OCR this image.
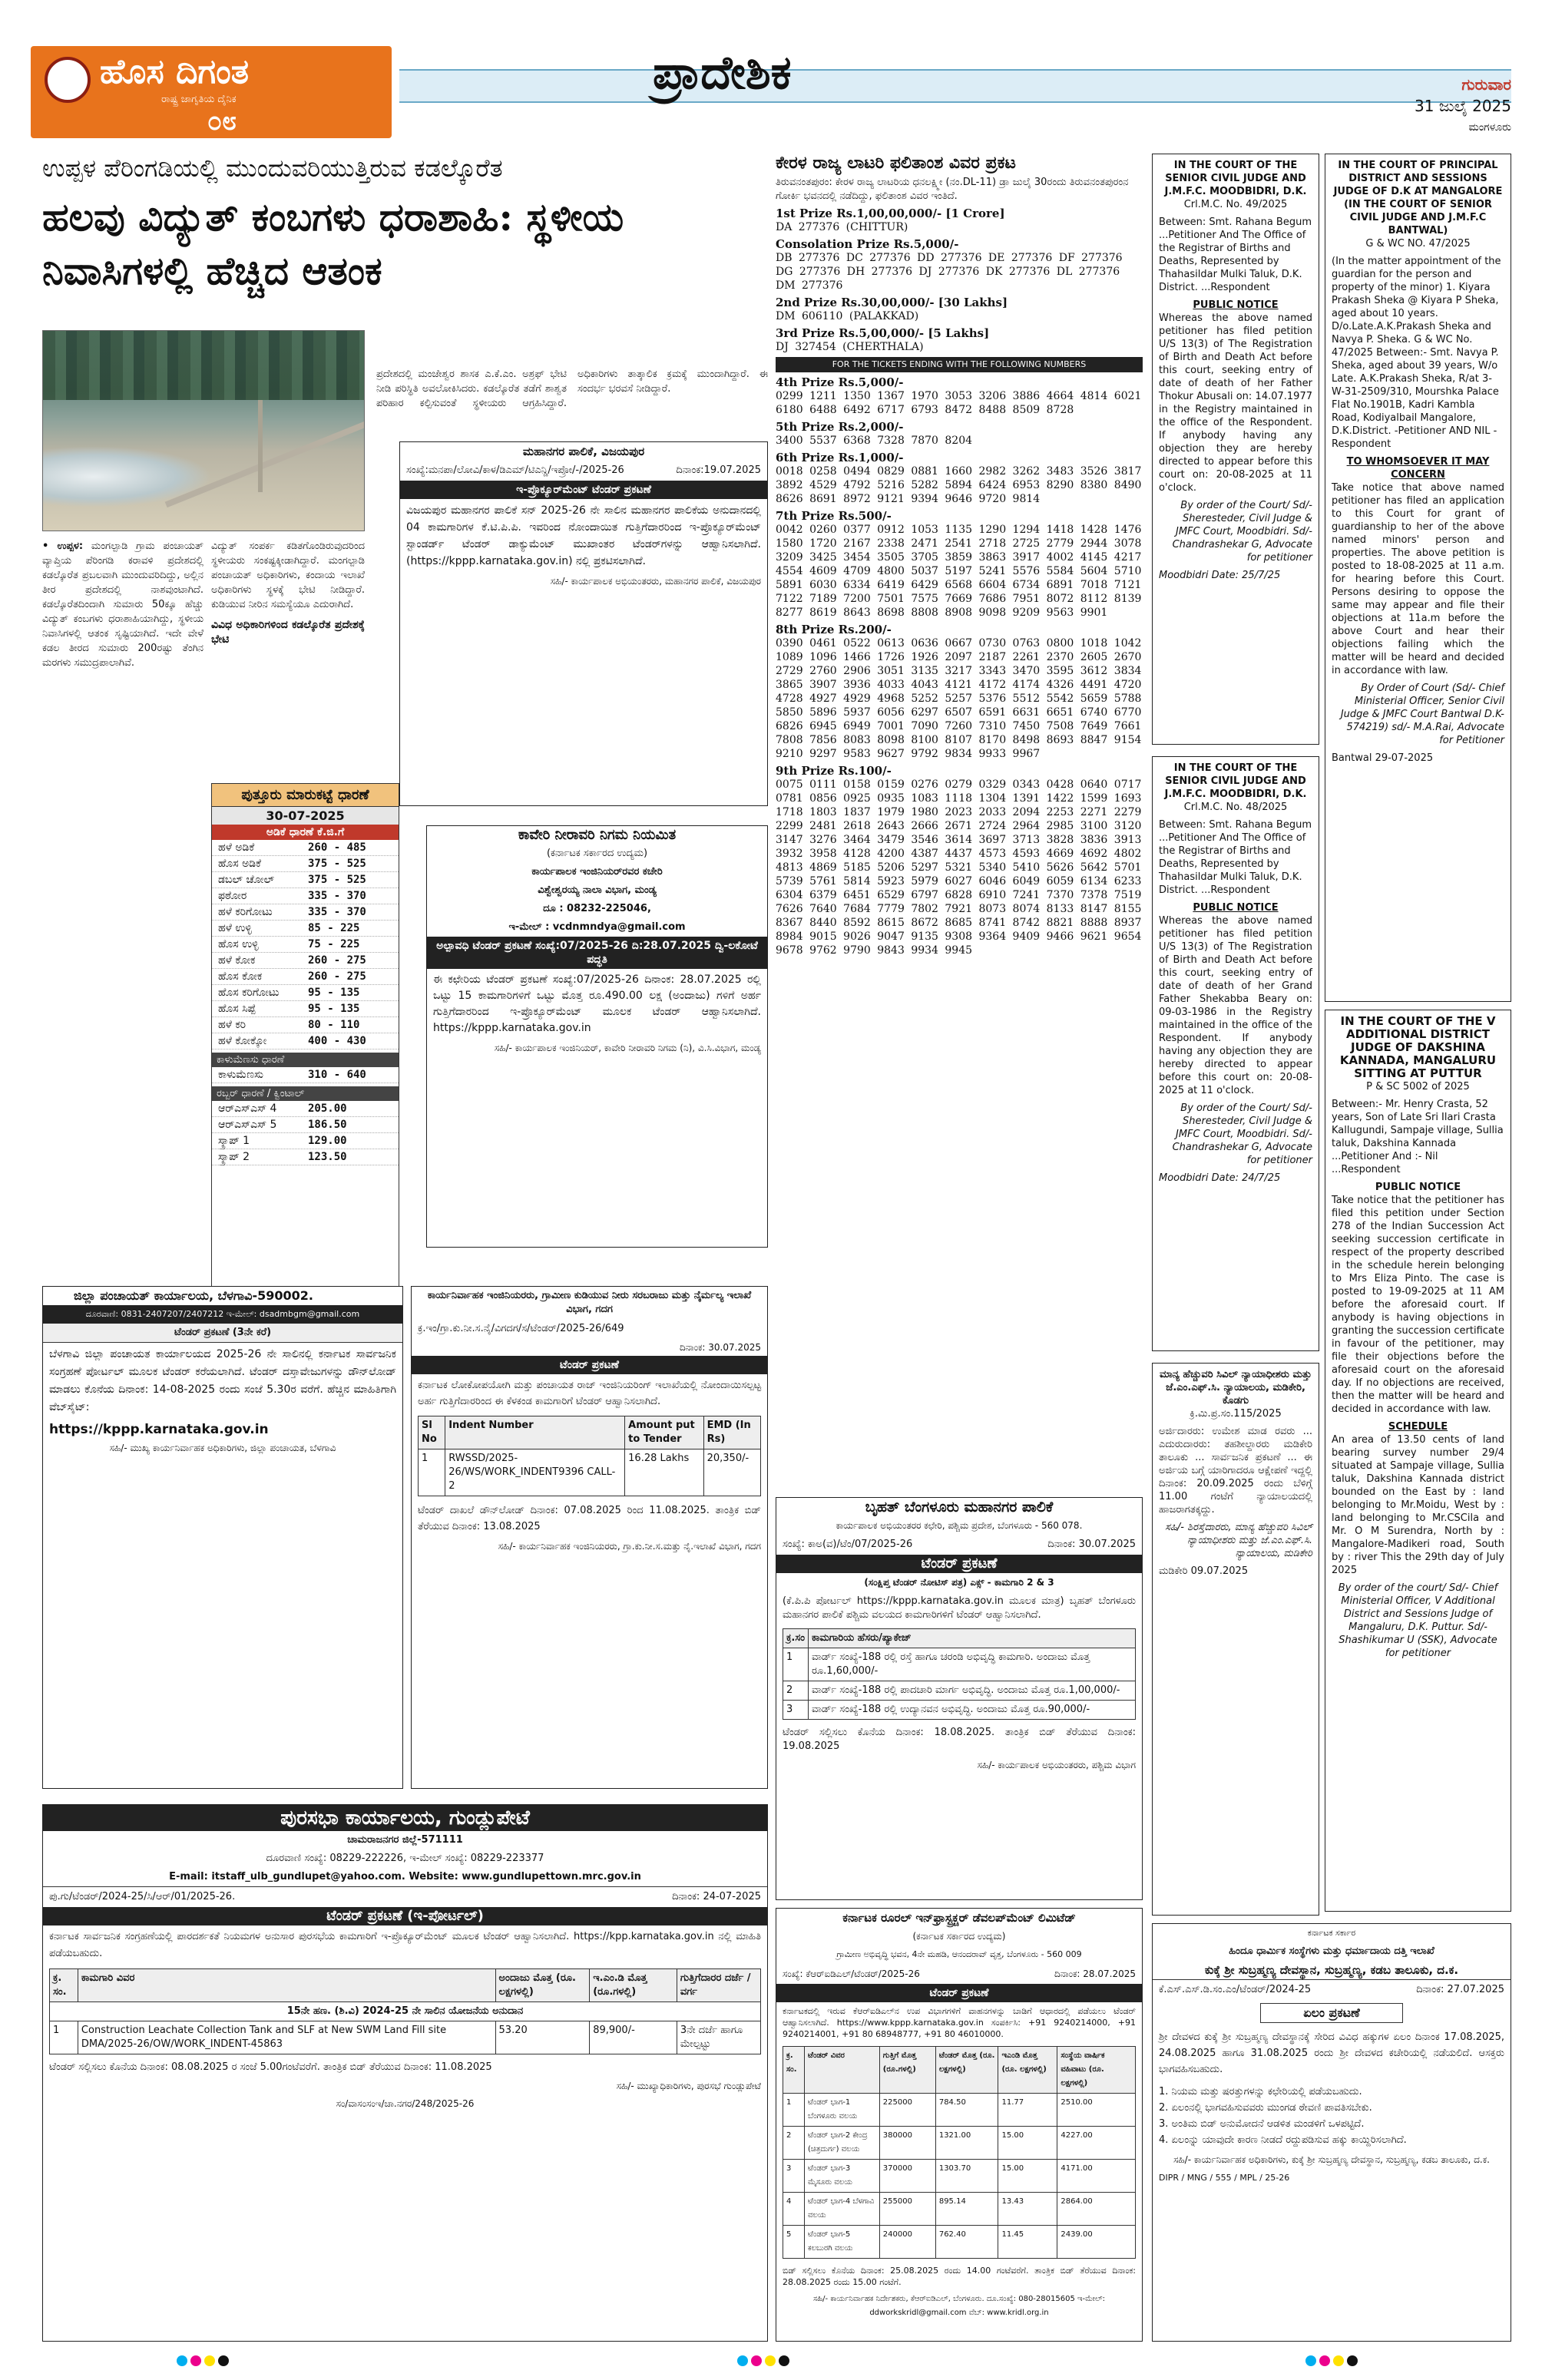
ಹೊಸ ದಿಗಂತ
ರಾಷ್ಟ್ರ ಜಾಗೃತಿಯ ದೈನಿಕ
೦೮
ಪ್ರಾದೇಶಿಕ	ಗುರುವಾರ
31 ಜುಲೈ 2025
ಮಂಗಳೂರು
ಉಪ್ಪಳ ಪೆರಿಂಗಡಿಯಲ್ಲಿ ಮುಂದುವರಿಯುತ್ತಿರುವ ಕಡಲ್ಕೊರೆತ
ಹಲವು ವಿದ್ಯುತ್ ಕಂಬಗಳು ಧರಾಶಾಹಿ: ಸ್ಥಳೀಯ ನಿವಾಸಿಗಳಲ್ಲಿ ಹೆಚ್ಚಿದ ಆತಂಕ
ಪ್ರದೇಶದಲ್ಲಿ ಮಂಜೇಶ್ವರ ಶಾಸಕ ಎ.ಕೆ.ಎಂ. ಅಶ್ರಫ್ ಭೇಟಿ ನೀಡಿ ಪರಿಸ್ಥಿತಿ ಅವಲೋಕಿಸಿದರು. ಕಡಲ್ಕೊರೆತ ತಡೆಗೆ ಶಾಶ್ವತ ಪರಿಹಾರ ಕಲ್ಪಿಸುವಂತೆ ಸ್ಥಳೀಯರು ಆಗ್ರಹಿಸಿದ್ದಾರೆ. ಅಧಿಕಾರಿಗಳು ತಾತ್ಕಾಲಿಕ ಕ್ರಮಕ್ಕೆ ಮುಂದಾಗಿದ್ದಾರೆ. ಈ ಸಂದರ್ಭ ಭರವಸೆ ನೀಡಿದ್ದಾರೆ.
• ಉಪ್ಪಳ: ಮಂಗಲ್ಪಾಡಿ ಗ್ರಾಮ ಪಂಚಾಯತ್ ವ್ಯಾಪ್ತಿಯ ಪೆರಿಂಗಡಿ ಕರಾವಳಿ ಪ್ರದೇಶದಲ್ಲಿ ಕಡಲ್ಕೊರೆತ ಪ್ರಬಲವಾಗಿ ಮುಂದುವರಿದಿದ್ದು, ಅಲ್ಲಿನ ತೀರ ಪ್ರದೇಶದಲ್ಲಿ ನಾಶವುಂಟಾಗಿದೆ. ಕಡಲ್ಕೊರೆತದಿಂದಾಗಿ ಸುಮಾರು 50ಕ್ಕೂ ಹೆಚ್ಚು ವಿದ್ಯುತ್ ಕಂಬಗಳು ಧರಾಶಾಹಿಯಾಗಿದ್ದು, ಸ್ಥಳೀಯ ನಿವಾಸಿಗಳಲ್ಲಿ ಆತಂಕ ಸೃಷ್ಟಿಯಾಗಿದೆ. ಇದೇ ವೇಳೆ ಕಡಲ ತೀರದ ಸುಮಾರು 200ರಷ್ಟು ತೆಂಗಿನ ಮರಗಳು ಸಮುದ್ರಪಾಲಾಗಿವೆ.
ವಿದ್ಯುತ್ ಸಂಪರ್ಕ ಕಡಿತಗೊಂಡಿರುವುದರಿಂದ ಸ್ಥಳೀಯರು ಸಂಕಷ್ಟಕ್ಕೀಡಾಗಿದ್ದಾರೆ. ಮಂಗಲ್ಪಾಡಿ ಪಂಚಾಯತ್ ಅಧಿಕಾರಿಗಳು, ಕಂದಾಯ ಇಲಾಖೆ ಅಧಿಕಾರಿಗಳು ಸ್ಥಳಕ್ಕೆ ಭೇಟಿ ನೀಡಿದ್ದಾರೆ. ಕುಡಿಯುವ ನೀರಿನ ಸಮಸ್ಯೆಯೂ ಎದುರಾಗಿದೆ.
ವಿವಿಧ ಅಧಿಕಾರಿಗಳಿಂದ ಕಡಲ್ಕೊರೆತ ಪ್ರದೇಶಕ್ಕೆ ಭೇಟಿ
ಪುತ್ತೂರು ಮಾರುಕಟ್ಟೆ ಧಾರಣೆ
30-07-2025
ಅಡಿಕೆ ಧಾರಣೆ ಕೆ.ಜಿ.ಗೆ
ಹಳೆ ಅಡಿಕೆ	260 - 485
ಹೊಸ ಅಡಿಕೆ	375 - 525
ಡಬಲ್ ಚೋಲ್	375 - 525
ಫಠೋರ	335 - 370
ಹಳೆ ಕರಿಗೋಟು	335 - 370
ಹಳೆ ಉಳ್ಳಿ	85 - 225
ಹೊಸ ಉಳ್ಳಿ	75 - 225
ಹಳೆ ಕೋಕ	260 - 275
ಹೊಸ ಕೋಕ	260 - 275
ಹೊಸ ಕರಿಗೋಟು	95 - 135
ಹೊಸ ಸಿಪ್ಪೆ	95 - 135
ಹಳೆ ಕರಿ	80 - 110
ಹಳೆ ಕೋಕ್ಕೋ	400 - 430
ಕಾಳುಮೆಣಸು ಧಾರಣೆ
ಕಾಳುಮೆಣಸು	310 - 640
ರಬ್ಬರ್ ಧಾರಣೆ / ಕ್ವಿಂಟಾಲ್
ಆರ್‌ಎಸ್‌ಎಸ್ 4	205.00
ಆರ್‌ಎಸ್‌ಎಸ್ 5	186.50
ಸ್ಕ್ರಾಪ್ 1	129.00
ಸ್ಕ್ರಾಪ್ 2	123.50
ಮಹಾನಗರ ಪಾಲಿಕೆ, ವಿಜಯಪುರ
ಸಂಖ್ಯೆ:ಮನಪಾ/ಲೋವಿ/ಕಾಳ/ಡಿಎಮ್/ಟಿಎನ್ಡಿ/ಇಪ್ರೋ/-/2025-26	ದಿನಾಂಕ:19.07.2025
ಇ-ಪ್ರೊಕ್ಯೂರ್‌ಮೆಂಟ್ ಟೆಂಡರ್ ಪ್ರಕಟಣೆ
ವಿಜಯಪುರ ಮಹಾನಗರ ಪಾಲಿಕೆ ಸನ್ 2025-26 ನೇ ಸಾಲಿನ ಮಹಾನಗರ ಪಾಲಿಕೆಯ ಅನುದಾನದಲ್ಲಿ 04 ಕಾಮಗಾರಿಗಳ ಕೆ.ಟಿ.ಪಿ.ಪಿ. ಇವರಿಂದ ನೋಂದಾಯಿತ ಗುತ್ತಿಗೆದಾರರಿಂದ ಇ-ಪ್ರೊಕ್ಯೂರ್‌ಮೆಂಟ್ ಸ್ಟಾಂಡರ್ಡ್ ಟೆಂಡರ್ ಡಾಕ್ಯುಮೆಂಟ್ ಮುಖಾಂತರ ಟೆಂಡರ್‌ಗಳನ್ನು ಆಹ್ವಾನಿಸಲಾಗಿದೆ. (https://kppp.karnataka.gov.in) ನಲ್ಲಿ ಪ್ರಕಟಿಸಲಾಗಿದೆ.
ಸಹಿ/- ಕಾರ್ಯಪಾಲಕ ಅಭಿಯಂತರರು, ಮಹಾನಗರ ಪಾಲಿಕೆ, ವಿಜಯಪುರ
ಕಾವೇರಿ ನೀರಾವರಿ ನಿಗಮ ನಿಯಮಿತ
(ಕರ್ನಾಟಕ ಸರ್ಕಾರದ ಉದ್ಯಮ)
ಕಾರ್ಯಪಾಲಕ ಇಂಜಿನಿಯರ್‌ರವರ ಕಚೇರಿ
ವಿಶ್ವೇಶ್ವರಯ್ಯ ನಾಲಾ ವಿಭಾಗ, ಮಂಡ್ಯ
ದೂ : 08232-225046,
ಇ-ಮೇಲ್ : vcdnmndya@gmail.com
ಅಲ್ಪಾವಧಿ ಟೆಂಡರ್ ಪ್ರಕಟಣೆ ಸಂಖ್ಯೆ:07/2025-26 ದಿ:28.07.2025 ದ್ವಿ-ಲಕೋಟೆ ಪದ್ಧತಿ
ಈ ಕಛೇರಿಯ ಟೆಂಡರ್ ಪ್ರಕಟಣೆ ಸಂಖ್ಯೆ:07/2025-26 ದಿನಾಂಕ: 28.07.2025 ರಲ್ಲಿ ಒಟ್ಟು 15 ಕಾಮಗಾರಿಗಳಿಗೆ ಒಟ್ಟು ಮೊತ್ತ ರೂ.490.00 ಲಕ್ಷ (ಅಂದಾಜು) ಗಳಿಗೆ ಅರ್ಹ ಗುತ್ತಿಗೆದಾರರಿಂದ ಇ-ಪ್ರೊಕ್ಯೂರ್‌ಮೆಂಟ್ ಮೂಲಕ ಟೆಂಡರ್ ಆಹ್ವಾನಿಸಲಾಗಿದೆ. https://kppp.karnataka.gov.in
ಸಹಿ/- ಕಾರ್ಯಪಾಲಕ ಇಂಜಿನಿಯರ್, ಕಾವೇರಿ ನೀರಾವರಿ ನಿಗಮ (ನಿ), ವಿ.ಸಿ.ವಿಭಾಗ, ಮಂಡ್ಯ
ಜಿಲ್ಲಾ ಪಂಚಾಯತ್ ಕಾರ್ಯಾಲಯ, ಬೆಳಗಾವಿ-590002.
ದೂರವಾಣಿ: 0831-2407207/2407212 ಇ-ಮೇಲ್: dsadmbgm@gmail.com
ಟೆಂಡರ್ ಪ್ರಕಟಣೆ (3ನೇ ಕರೆ)
ಬೆಳಗಾವಿ ಜಿಲ್ಲಾ ಪಂಚಾಯತ ಕಾರ್ಯಾಲಯದ 2025-26 ನೇ ಸಾಲಿನಲ್ಲಿ ಕರ್ನಾಟಕ ಸಾರ್ವಜನಿಕ ಸಂಗ್ರಹಣೆ ಪೋರ್ಟಲ್ ಮೂಲಕ ಟೆಂಡರ್ ಕರೆಯಲಾಗಿದೆ. ಟೆಂಡರ್ ದಸ್ತಾವೇಜುಗಳನ್ನು ಡೌನ್‌ಲೋಡ್ ಮಾಡಲು ಕೊನೆಯ ದಿನಾಂಕ: 14-08-2025 ರಂದು ಸಂಜೆ 5.30ರ ವರೆಗೆ. ಹೆಚ್ಚಿನ ಮಾಹಿತಿಗಾಗಿ ವೆಬ್‌ಸೈಟ್:
https://kppp.karnataka.gov.in
ಸಹಿ/- ಮುಖ್ಯ ಕಾರ್ಯನಿರ್ವಾಹಕ ಅಧಿಕಾರಿಗಳು, ಜಿಲ್ಲಾ ಪಂಚಾಯತ, ಬೆಳಗಾವಿ
ಕಾರ್ಯನಿರ್ವಾಹಕ ಇಂಜಿನಿಯರರು, ಗ್ರಾಮೀಣ ಕುಡಿಯುವ ನೀರು ಸರಬರಾಜು ಮತ್ತು ನೈರ್ಮಲ್ಯ ಇಲಾಖೆ ವಿಭಾಗ, ಗದಗ
ಕ್ರ.ಇಂ/ಗ್ರಾ.ಕು.ನೀ.ಸ.ನೈ/ವಿಗದಗ/ಸ/ಟೆಂಡರ್/2025-26/649
ದಿನಾಂಕ: 30.07.2025
ಟೆಂಡರ್ ಪ್ರಕಟಣೆ
ಕರ್ನಾಟಕ ಲೋಕೋಪಯೋಗಿ ಮತ್ತು ಪಂಚಾಯತ ರಾಜ್ ಇಂಜಿನಿಯರಿಂಗ್ ಇಲಾಖೆಯಲ್ಲಿ ನೋಂದಾಯಿಸಲ್ಪಟ್ಟ ಅರ್ಹ ಗುತ್ತಿಗೆದಾರರಿಂದ ಈ ಕೆಳಕಂಡ ಕಾಮಗಾರಿಗೆ ಟೆಂಡರ್ ಆಹ್ವಾನಿಸಲಾಗಿದೆ.
Sl No	Indent Number	Amount put to Tender	EMD (In Rs)
1	RWSSD/2025-26/WS/WORK_INDENT9396 CALL-2	16.28 Lakhs	20,350/-
ಟೆಂಡರ್ ದಾಖಲೆ ಡೌನ್‌ಲೋಡ್ ದಿನಾಂಕ: 07.08.2025 ರಿಂದ 11.08.2025. ತಾಂತ್ರಿಕ ಬಿಡ್ ತೆರೆಯುವ ದಿನಾಂಕ: 13.08.2025
ಸಹಿ/- ಕಾರ್ಯನಿರ್ವಾಹಕ ಇಂಜಿನಿಯರರು, ಗ್ರಾ.ಕು.ನೀ.ಸ.ಮತ್ತು ನೈ.ಇಲಾಖೆ ವಿಭಾಗ, ಗದಗ
ಪುರಸಭಾ ಕಾರ್ಯಾಲಯ, ಗುಂಡ್ಲುಪೇಟೆ
ಚಾಮರಾಜನಗರ ಜಿಲ್ಲೆ-571111
ದೂರವಾಣಿ ಸಂಖ್ಯೆ: 08229-222226, ಇ-ಮೇಲ್ ಸಂಖ್ಯೆ: 08229-223377
E-mail: itstaff_ulb_gundlupet@yahoo.com. Website: www.gundlupettown.mrc.gov.in
ಪು.ಗು/ಟೆಂಡರ್/2024-25/ಸಿ/ಆರ್/01/2025-26.	ದಿನಾಂಕ: 24-07-2025
ಟೆಂಡರ್ ಪ್ರಕಟಣೆ (ಇ-ಪೋರ್ಟಲ್)
ಕರ್ನಾಟಕ ಸಾರ್ವಜನಿಕ ಸಂಗ್ರಹಣೆಯಲ್ಲಿ ಪಾರದರ್ಶಕತೆ ನಿಯಮಗಳ ಅನುಸಾರ ಪುರಸಭೆಯ ಕಾಮಗಾರಿಗೆ ಇ-ಪ್ರೊಕ್ಯೂರ್‌ಮೆಂಟ್ ಮೂಲಕ ಟೆಂಡರ್ ಆಹ್ವಾನಿಸಲಾಗಿದೆ. https://kpp.karnataka.gov.in ನಲ್ಲಿ ಮಾಹಿತಿ ಪಡೆಯಬಹುದು.
ಕ್ರ. ಸಂ.	ಕಾಮಗಾರಿ ವಿವರ	ಅಂದಾಜು ಮೊತ್ತ (ರೂ. ಲಕ್ಷಗಳಲ್ಲಿ)	ಇ.ಎಂ.ಡಿ ಮೊತ್ತ (ರೂ.ಗಳಲ್ಲಿ)	ಗುತ್ತಿಗೆದಾರರ ದರ್ಜೆ / ವರ್ಗ
15ನೇ ಹಣ. (ಶಿ.ವಿ) 2024-25 ನೇ ಸಾಲಿನ ಯೋಜನೆಯ ಅನುದಾನ				
1	Construction Leachate Collection Tank and SLF at New SWM Land Fill site DMA/2025-26/OW/WORK_INDENT-45863	53.20	89,900/-	3ನೇ ದರ್ಜೆ ಹಾಗೂ ಮೇಲ್ಪಟ್ಟು
ಟೆಂಡರ್ ಸಲ್ಲಿಸಲು ಕೊನೆಯ ದಿನಾಂಕ: 08.08.2025 ರ ಸಂಜೆ 5.00ಗಂಟೆವರೆಗೆ. ತಾಂತ್ರಿಕ ಬಿಡ್ ತೆರೆಯುವ ದಿನಾಂಕ: 11.08.2025
ಸಹಿ/- ಮುಖ್ಯಾಧಿಕಾರಿಗಳು, ಪುರಸಭೆ ಗುಂಡ್ಲುಪೇಟೆ
ಸಂ/ವಾಸಂಸಂಇ/ಚಾ.ನಗರ/248/2025-26
ಕೇರಳ ರಾಜ್ಯ ಲಾಟರಿ ಫಲಿತಾಂಶ ವಿವರ ಪ್ರಕಟ
ತಿರುವನಂತಪುರಂ: ಕೇರಳ ರಾಜ್ಯ ಲಾಟರಿಯ ಧನಲಕ್ಷ್ಮೀ (ನಂ.DL-11) ಡ್ರಾ ಜುಲೈ 30ರಂದು ತಿರುವನಂತಪುರಂನ ಗೋರ್ಕಿ ಭವನದಲ್ಲಿ ನಡೆದಿದ್ದು, ಫಲಿತಾಂಶ ವಿವರ ಇಂತಿದೆ.
1st Prize Rs.1,00,00,000/- [1 Crore]
DA 277376 (CHITTUR)
Consolation Prize Rs.5,000/-
DB 277376 DC 277376 DD 277376 DE 277376 DF 277376 DG 277376 DH 277376 DJ 277376 DK 277376 DL 277376 DM 277376
2nd Prize Rs.30,00,000/- [30 Lakhs]
DM 606110 (PALAKKAD)
3rd Prize Rs.5,00,000/- [5 Lakhs]
DJ 327454 (CHERTHALA)
FOR THE TICKETS ENDING WITH THE FOLLOWING NUMBERS
4th Prize Rs.5,000/-
0299 1211 1350 1367 1970 3053 3206 3886 4664 4814 6021 6180 6488 6492 6717 6793 8472 8488 8509 8728
5th Prize Rs.2,000/-
3400 5537 6368 7328 7870 8204
6th Prize Rs.1,000/-
0018 0258 0494 0829 0881 1660 2982 3262 3483 3526 3817 3892 4529 4792 5216 5282 5894 6424 6953 8290 8380 8490 8626 8691 8972 9121 9394 9646 9720 9814
7th Prize Rs.500/-
0042 0260 0377 0912 1053 1135 1290 1294 1418 1428 1476 1580 1720 2167 2338 2471 2541 2718 2725 2779 2944 3078 3209 3425 3454 3505 3705 3859 3863 3917 4002 4145 4217 4554 4609 4709 4800 5037 5197 5241 5576 5584 5604 5710 5891 6030 6334 6419 6429 6568 6604 6734 6891 7018 7121 7122 7189 7200 7501 7575 7669 7686 7951 8072 8112 8139 8277 8619 8643 8698 8808 8908 9098 9209 9563 9901
8th Prize Rs.200/-
0390 0461 0522 0613 0636 0667 0730 0763 0800 1018 1042 1089 1096 1466 1726 1926 2097 2187 2261 2370 2605 2670 2729 2760 2906 3051 3135 3217 3343 3470 3595 3612 3834 3865 3907 3936 4033 4043 4121 4172 4174 4326 4491 4720 4728 4927 4929 4968 5252 5257 5376 5512 5542 5659 5788 5850 5896 5937 6056 6297 6507 6591 6631 6651 6740 6770 6826 6945 6949 7001 7090 7260 7310 7450 7508 7649 7661 7808 7856 8083 8098 8100 8107 8170 8498 8693 8847 9154 9210 9297 9583 9627 9792 9834 9933 9967
9th Prize Rs.100/-
0075 0111 0158 0159 0276 0279 0329 0343 0428 0640 0717 0781 0856 0925 0935 1083 1118 1304 1391 1422 1599 1693 1718 1803 1837 1979 1980 2023 2033 2094 2253 2271 2279 2299 2481 2618 2643 2666 2671 2724 2964 2985 3100 3120 3147 3276 3464 3479 3546 3614 3697 3713 3828 3836 3913 3932 3958 4128 4200 4387 4437 4573 4593 4669 4692 4802 4813 4869 5185 5206 5297 5321 5340 5410 5626 5642 5701 5739 5761 5814 5923 5979 6027 6046 6049 6059 6134 6233 6304 6379 6451 6529 6797 6828 6910 7241 7370 7378 7519 7626 7640 7684 7779 7802 7921 8073 8074 8133 8147 8155 8367 8440 8592 8615 8672 8685 8741 8742 8821 8888 8937 8984 9015 9026 9047 9135 9308 9364 9409 9466 9621 9654 9678 9762 9790 9843 9934 9945
ಬೃಹತ್ ಬೆಂಗಳೂರು ಮಹಾನಗರ ಪಾಲಿಕೆ
ಕಾರ್ಯಪಾಲಕ ಅಭಿಯಂತರರ ಕಛೇರಿ, ಪಶ್ಚಿಮ ಪ್ರದೇಶ, ಬೆಂಗಳೂರು - 560 078.
ಸಂಖ್ಯೆ: ಕಾಅ(ವ)/ಟೆಂ/07/2025-26	ದಿನಾಂಕ: 30.07.2025
ಟೆಂಡರ್ ಪ್ರಕಟಣೆ
(ಸಂಕ್ಷಿಪ್ತ ಟೆಂಡರ್ ನೋಟಿಸ್ ಪತ್ರ) ಎಕ್ಸ್ - ಕಾಮಗಾರಿ 2 & 3
(ಕೆ.ಪಿ.ಪಿ ಪೋರ್ಟಲ್ https://kppp.karnataka.gov.in ಮೂಲಕ ಮಾತ್ರ) ಬೃಹತ್ ಬೆಂಗಳೂರು ಮಹಾನಗರ ಪಾಲಿಕೆ ಪಶ್ಚಿಮ ವಲಯದ ಕಾಮಗಾರಿಗಳಿಗೆ ಟೆಂಡರ್ ಆಹ್ವಾನಿಸಲಾಗಿದೆ.
ಕ್ರ.ಸಂ	ಕಾಮಗಾರಿಯ ಹೆಸರು/ಪ್ಯಾಕೇಜ್
1	ವಾರ್ಡ್ ಸಂಖ್ಯೆ-188 ರಲ್ಲಿ ರಸ್ತೆ ಹಾಗೂ ಚರಂಡಿ ಅಭಿವೃದ್ಧಿ ಕಾಮಗಾರಿ. ಅಂದಾಜು ಮೊತ್ತ ರೂ.1,60,000/-
2	ವಾರ್ಡ್ ಸಂಖ್ಯೆ-188 ರಲ್ಲಿ ಪಾದಚಾರಿ ಮಾರ್ಗ ಅಭಿವೃದ್ಧಿ. ಅಂದಾಜು ಮೊತ್ತ ರೂ.1,00,000/-
3	ವಾರ್ಡ್ ಸಂಖ್ಯೆ-188 ರಲ್ಲಿ ಉದ್ಯಾನವನ ಅಭಿವೃದ್ಧಿ. ಅಂದಾಜು ಮೊತ್ತ ರೂ.90,000/-
ಟೆಂಡರ್ ಸಲ್ಲಿಸಲು ಕೊನೆಯ ದಿನಾಂಕ: 18.08.2025. ತಾಂತ್ರಿಕ ಬಿಡ್ ತೆರೆಯುವ ದಿನಾಂಕ: 19.08.2025
ಸಹಿ/- ಕಾರ್ಯಪಾಲಕ ಅಭಿಯಂತರರು, ಪಶ್ಚಿಮ ವಿಭಾಗ
ಕರ್ನಾಟಕ ರೂರಲ್ ಇನ್‌ಫ್ರಾಸ್ಟ್ರಕ್ಚರ್ ಡೆವಲಪ್‌ಮೆಂಟ್ ಲಿಮಿಟೆಡ್
(ಕರ್ನಾಟಕ ಸರ್ಕಾರದ ಉದ್ಯಮ)
ಗ್ರಾಮೀಣ ಅಭಿವೃದ್ಧಿ ಭವನ, 4ನೇ ಮಹಡಿ, ಆನಂದರಾವ್ ವೃತ್ತ, ಬೆಂಗಳೂರು - 560 009
ಸಂಖ್ಯೆ: ಕೆಆರ್‌ಐಡಿಎಲ್/ಟೆಂಡರ್/2025-26	ದಿನಾಂಕ: 28.07.2025
ಟೆಂಡರ್ ಪ್ರಕಟಣೆ
ಕರ್ನಾಟಕದಲ್ಲಿ ಇರುವ ಕೆಆರ್‌ಐಡಿಎಲ್‌ನ ಉಪ ವಿಭಾಗಗಳಿಗೆ ವಾಹನಗಳನ್ನು ಬಾಡಿಗೆ ಆಧಾರದಲ್ಲಿ ಪಡೆಯಲು ಟೆಂಡರ್ ಆಹ್ವಾನಿಸಲಾಗಿದೆ. https://www.kppp.karnataka.gov.in ಸಂಪರ್ಕಿಸಿ: +91 9240214000, +91 9240214001, +91 80 68948777, +91 80 46010000.
ಕ್ರ. ಸಂ.	ಟೆಂಡರ್ ವಿವರ	ಗುತ್ತಿಗೆ ಮೊತ್ತ (ರೂ.ಗಳಲ್ಲಿ)	ಟೆಂಡರ್ ಮೊತ್ತ (ರೂ. ಲಕ್ಷಗಳಲ್ಲಿ)	ಇಎಂಡಿ ಮೊತ್ತ (ರೂ. ಲಕ್ಷಗಳಲ್ಲಿ)	ಸಂಸ್ಥೆಯ ವಾರ್ಷಿಕ ವಹಿವಾಟು (ರೂ. ಲಕ್ಷಗಳಲ್ಲಿ)
1	ಟೆಂಡರ್ ಭಾಗ-1 ಬೆಂಗಳೂರು ವಲಯ	225000	784.50	11.77	2510.00
2	ಟೆಂಡರ್ ಭಾಗ-2 ಕೇಂದ್ರ (ಚಿತ್ರದುರ್ಗ) ವಲಯ	380000	1321.00	15.00	4227.00
3	ಟೆಂಡರ್ ಭಾಗ-3 ಮೈಸೂರು ವಲಯ	370000	1303.70	15.00	4171.00
4	ಟೆಂಡರ್ ಭಾಗ-4 ಬೆಳಗಾವಿ ವಲಯ	255000	895.14	13.43	2864.00
5	ಟೆಂಡರ್ ಭಾಗ-5 ಕಲಬುರಗಿ ವಲಯ	240000	762.40	11.45	2439.00
ಬಿಡ್ ಸಲ್ಲಿಸಲು ಕೊನೆಯ ದಿನಾಂಕ: 25.08.2025 ರಂದು 14.00 ಗಂಟೆವರೆಗೆ. ತಾಂತ್ರಿಕ ಬಿಡ್ ತೆರೆಯುವ ದಿನಾಂಕ: 28.08.2025 ರಂದು 15.00 ಗಂಟೆಗೆ.
ಸಹಿ/- ಕಾರ್ಯನಿರ್ವಾಹಕ ನಿರ್ದೇಶಕರು, ಕೆಆರ್‌ಐಡಿಎಲ್, ಬೆಂಗಳೂರು. ದೂ.ಸಂಖ್ಯೆ: 080-28015605 ಇ-ಮೇಲ್: ddworkskridl@gmail.com ವೆಬ್: www.kridl.org.in
IN THE COURT OF THE SENIOR CIVIL JUDGE AND J.M.F.C. MOODBIDRI, D.K.
Crl.M.C. No. 49/2025
Between: Smt. Rahana Begum ...Petitioner And The Office of the Registrar of Births and Deaths, Represented by Thahasildar Mulki Taluk, D.K. District. ...Respondent
PUBLIC NOTICE
Whereas the above named petitioner has filed petition U/S 13(3) of The Registration of Birth and Death Act before this court, seeking entry of date of death of her Father Thokur Abusali on: 14.07.1977 in the Registry maintained in the office of the Respondent. If anybody having any objection they are hereby directed to appear before this court on: 20-08-2025 at 11 o'clock.
By order of the Court/ Sd/- Sheresteder, Civil Judge & JMFC Court, Moodbidri. Sd/- Chandrashekar G, Advocate for petitioner
Moodbidri Date: 25/7/25
IN THE COURT OF THE SENIOR CIVIL JUDGE AND J.M.F.C. MOODBIDRI, D.K.
Crl.M.C. No. 48/2025
Between: Smt. Rahana Begum ...Petitioner And The Office of the Registrar of Births and Deaths, Represented by Thahasildar Mulki Taluk, D.K. District. ...Respondent
PUBLIC NOTICE
Whereas the above named petitioner has filed petition U/S 13(3) of The Registration of Birth and Death Act before this court, seeking entry of date of death of her Grand Father Shekabba Beary on: 09-03-1986 in the Registry maintained in the office of the Respondent. If anybody having any objection they are hereby directed to appear before this court on: 20-08-2025 at 11 o'clock.
By order of the Court/ Sd/- Sheresteder, Civil Judge & JMFC Court, Moodbidri. Sd/- Chandrashekar G, Advocate for petitioner
Moodbidri Date: 24/7/25
IN THE COURT OF PRINCIPAL DISTRICT AND SESSIONS JUDGE OF D.K AT MANGALORE (IN THE COURT OF SENIOR CIVIL JUDGE AND J.M.F.C BANTWAL)
G & WC NO. 47/2025
(In the matter appointment of the guardian for the person and property of the minor) 1. Kiyara Prakash Sheka @ Kiyara P Sheka, aged about 10 years. D/o.Late.A.K.Prakash Sheka and Navya P. Sheka. G & WC No. 47/2025 Between:- Smt. Navya P. Sheka, aged about 39 years, W/o Late. A.K.Prakash Sheka, R/at 3-W-31-2509/310, Mourshka Palace Flat No.1901B, Kadri Kambla Road, Kodiyalbail Mangalore, D.K.District. -Petitioner AND NIL -Respondent
TO WHOMSOEVER IT MAY CONCERN
Take notice that above named petitioner has filed an application to this Court for grant of guardianship to her of the above named minors' person and properties. The above petition is posted to 18-08-2025 at 11 a.m. for hearing before this Court. Persons desiring to oppose the same may appear and file their objections at 11a.m before the above Court and hear their objections failing which the matter will be heard and decided in accordance with law.
By Order of Court (Sd/- Chief Ministerial Officer, Senior Civil Judge & JMFC Court Bantwal D.K-574219) sd/- M.A.Rai, Advocate for Petitioner
Bantwal 29-07-2025
IN THE COURT OF THE V ADDITIONAL DISTRICT JUDGE OF DAKSHINA KANNADA, MANGALURU SITTING AT PUTTUR
P & SC 5002 of 2025
Between:- Mr. Henry Crasta, 52 years, Son of Late Sri Ilari Crasta Kallugundi, Sampaje village, Sullia taluk, Dakshina Kannada ...Petitioner And :- Nil ...Respondent
PUBLIC NOTICE
Take notice that the petitioner has filed this petition under Section 278 of the Indian Succession Act seeking succession certificate in respect of the property described in the schedule herein belonging to Mrs Eliza Pinto. The case is posted to 19-09-2025 at 11 AM before the aforesaid court. If anybody is having objections in granting the succession certificate in favour of the petitioner, may file their objections before the aforesaid court on the aforesaid day. If no objections are received, then the matter will be heard and decided in accordance with law.
SCHEDULE
An area of 13.50 cents of land bearing survey number 29/4 situated at Sampaje village, Sullia taluk, Dakshina Kannada district bounded on the East by : land belonging to Mr.Moidu, West by : land belonging to Mr.CSCila and Mr. O M Surendra, North by : Mangalore-Madikeri road, South by : river This the 29th day of July 2025
By order of the court/ Sd/- Chief Ministerial Officer, V Additional District and Sessions Judge of Mangaluru, D.K. Puttur. Sd/- Shashikumar U (SSK), Advocate for petitioner
ಮಾನ್ಯ ಹೆಚ್ಚುವರಿ ಸಿವಿಲ್ ನ್ಯಾಯಾಧೀಶರು ಮತ್ತು ಜೆ.ಎಂ.ಎಫ್.ಸಿ. ನ್ಯಾಯಾಲಯ, ಮಡಿಕೇರಿ, ಕೊಡಗು
ಕ್ರಿ.ಮಿ.ಪ್ರ.ಸಂ.115/2025
ಅರ್ಜಿದಾರರು: ಉಮೇಶ ಮಾಡ ರವರು ... ಎದುರುದಾರರು: ತಹಶೀಲ್ದಾರರು ಮಡಿಕೇರಿ ತಾಲೂಕು ... ಸಾರ್ವಜನಿಕ ಪ್ರಕಟಣೆ ... ಈ ಅರ್ಜಿಯ ಬಗ್ಗೆ ಯಾರಿಗಾದರೂ ಆಕ್ಷೇಪಣೆ ಇದ್ದಲ್ಲಿ ದಿನಾಂಕ: 20.09.2025 ರಂದು ಬೆಳಿಗ್ಗೆ 11.00 ಗಂಟೆಗೆ ನ್ಯಾಯಾಲಯದಲ್ಲಿ ಹಾಜರಾಗತಕ್ಕದ್ದು.
ಸಹಿ/- ಶಿರಸ್ತೆದಾರರು, ಮಾನ್ಯ ಹೆಚ್ಚುವರಿ ಸಿವಿಲ್ ನ್ಯಾಯಾಧೀಶರು ಮತ್ತು ಜೆ.ಎಂ.ಎಫ್.ಸಿ. ನ್ಯಾಯಾಲಯ, ಮಡಿಕೇರಿ
ಮಡಿಕೇರಿ 09.07.2025
ಕರ್ನಾಟಕ ಸರ್ಕಾರ
ಹಿಂದೂ ಧಾರ್ಮಿಕ ಸಂಸ್ಥೆಗಳು ಮತ್ತು ಧರ್ಮಾದಾಯ ದತ್ತಿ ಇಲಾಖೆ
ಕುಕ್ಕೆ ಶ್ರೀ ಸುಬ್ರಹ್ಮಣ್ಯ ದೇವಸ್ಥಾನ, ಸುಬ್ರಹ್ಮಣ್ಯ, ಕಡಬ ತಾಲೂಕು, ದ.ಕ.
ಕೆ.ಎಸ್.ಎಸ್.ಡಿ.ಸಂ.ಎಂ/ಟೆಂಡರ್/2024-25	ದಿನಾಂಕ: 27.07.2025
ಏಲಂ ಪ್ರಕಟಣೆ
ಶ್ರೀ ದೇವಳದ ಕುಕ್ಕೆ ಶ್ರೀ ಸುಬ್ರಹ್ಮಣ್ಯ ದೇವಸ್ಥಾನಕ್ಕೆ ಸೇರಿದ ವಿವಿಧ ಹಕ್ಕುಗಳ ಏಲಂ ದಿನಾಂಕ 17.08.2025, 24.08.2025 ಹಾಗೂ 31.08.2025 ರಂದು ಶ್ರೀ ದೇವಳದ ಕಚೇರಿಯಲ್ಲಿ ನಡೆಯಲಿದೆ. ಆಸಕ್ತರು ಭಾಗವಹಿಸಬಹುದು.
1. ನಿಯಮ ಮತ್ತು ಷರತ್ತುಗಳನ್ನು ಕಛೇರಿಯಲ್ಲಿ ಪಡೆಯಬಹುದು.
2. ಏಲಂನಲ್ಲಿ ಭಾಗವಹಿಸುವವರು ಮುಂಗಡ ಠೇವಣಿ ಪಾವತಿಸಬೇಕು.
3. ಅಂತಿಮ ಬಿಡ್ ಅನುಮೋದನೆ ಆಡಳಿತ ಮಂಡಳಿಗೆ ಒಳಪಟ್ಟಿದೆ.
4. ಏಲಂನ್ನು ಯಾವುದೇ ಕಾರಣ ನೀಡದೆ ರದ್ದುಪಡಿಸುವ ಹಕ್ಕು ಕಾಯ್ದಿರಿಸಲಾಗಿದೆ.
ಸಹಿ/- ಕಾರ್ಯನಿರ್ವಾಹಕ ಅಧಿಕಾರಿಗಳು, ಕುಕ್ಕೆ ಶ್ರೀ ಸುಬ್ರಹ್ಮಣ್ಯ ದೇವಸ್ಥಾನ, ಸುಬ್ರಹ್ಮಣ್ಯ, ಕಡಬ ತಾಲೂಕು, ದ.ಕ.
DIPR / MNG / 555 / MPL / 25-26
